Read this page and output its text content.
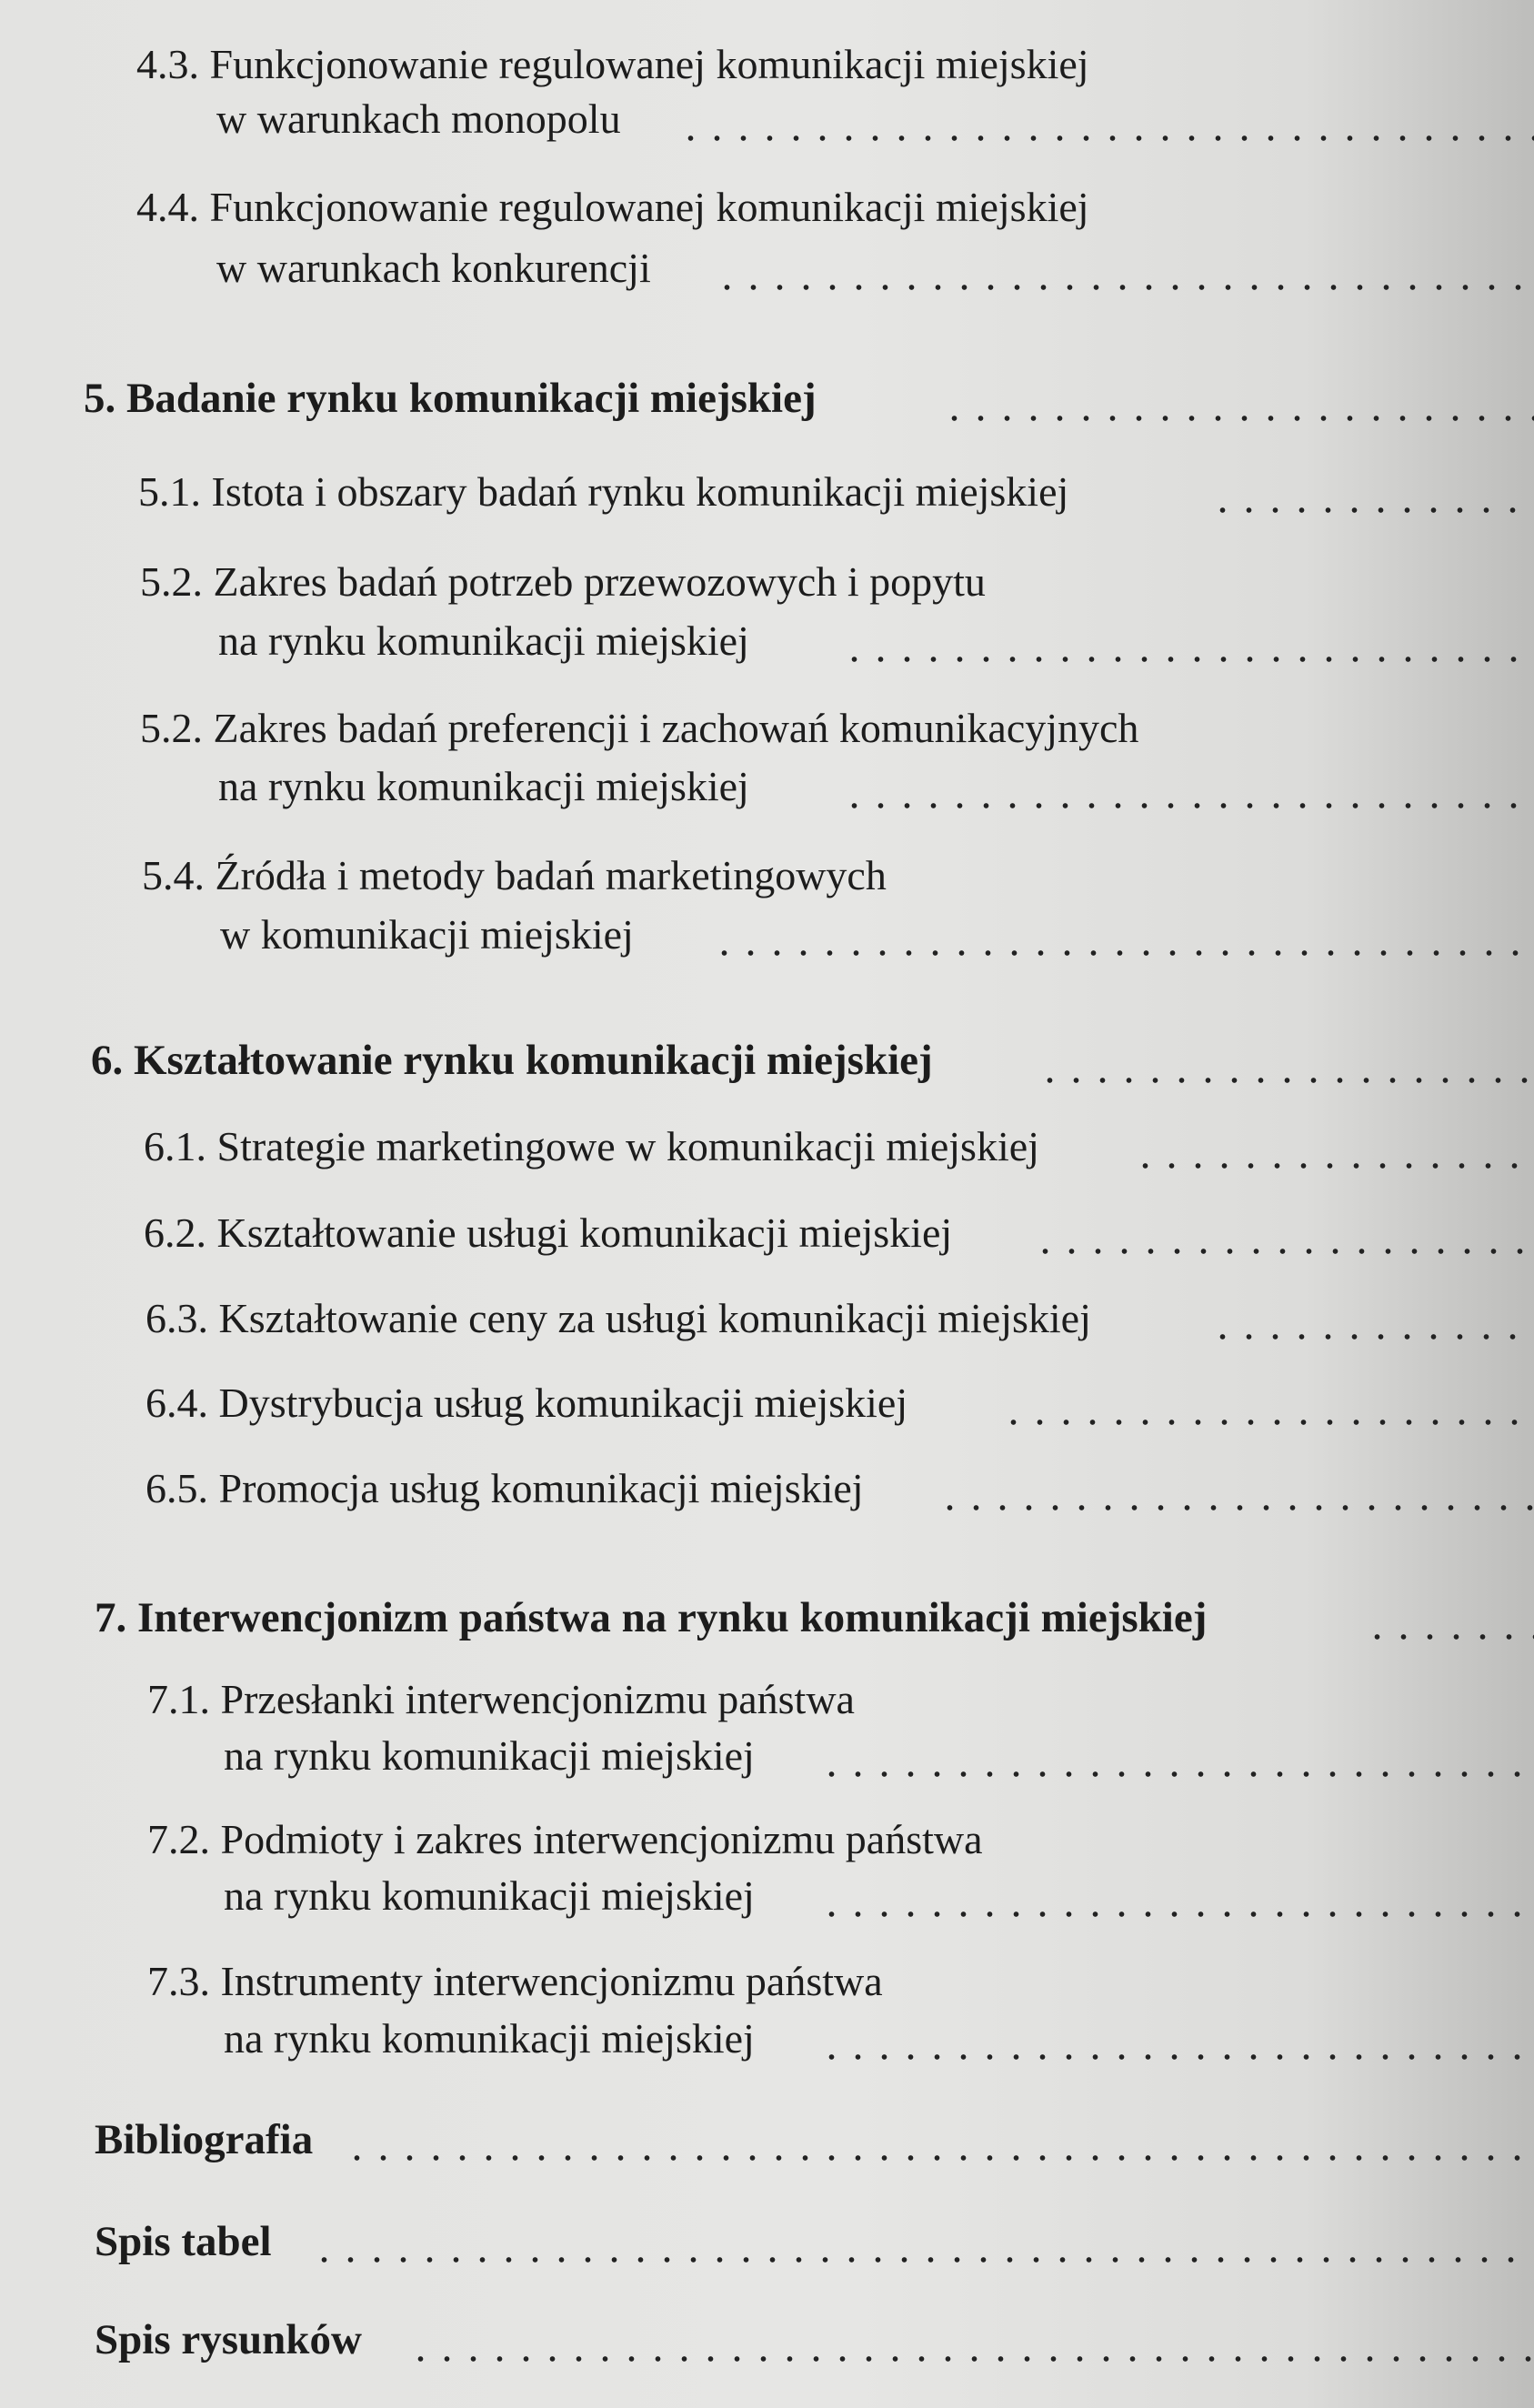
4.3. Funkcjonowanie regulowanej komunikacji miejskiej
w warunkach monopolu
4.4. Funkcjonowanie regulowanej komunikacji miejskiej
w warunkach konkurencji
5. Badanie rynku komunikacji miejskiej
5.1. Istota i obszary badań rynku komunikacji miejskiej
5.2. Zakres badań potrzeb przewozowych i popytu
na rynku komunikacji miejskiej
5.2. Zakres badań preferencji i zachowań komunikacyjnych
na rynku komunikacji miejskiej
5.4. Źródła i metody badań marketingowych
w komunikacji miejskiej
6. Kształtowanie rynku komunikacji miejskiej
6.1. Strategie marketingowe w komunikacji miejskiej
6.2. Kształtowanie usługi komunikacji miejskiej
6.3. Kształtowanie ceny za usługi komunikacji miejskiej
6.4. Dystrybucja usług komunikacji miejskiej
6.5. Promocja usług komunikacji miejskiej
7. Interwencjonizm państwa na rynku komunikacji miejskiej
7.1. Przesłanki interwencjonizmu państwa
na rynku komunikacji miejskiej
7.2. Podmioty i zakres interwencjonizmu państwa
na rynku komunikacji miejskiej
7.3. Instrumenty interwencjonizmu państwa
na rynku komunikacji miejskiej
Bibliografia
Spis tabel
Spis rysunków
